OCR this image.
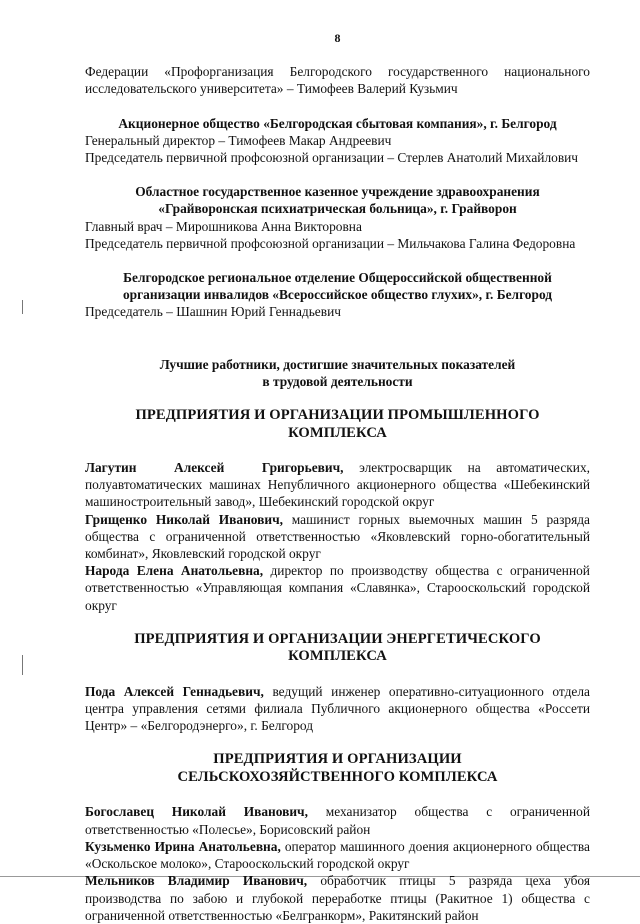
8

Федерации «Профорганизация Белгородского государственного национального

исследовательского университета» – Тимофеев Валерий Кузьмич

Акционерное общество «Белгородская сбытовая компания», г. Белгород

Генеральный директор – Тимофеев Макар Андреевич

Председатель первичной профсоюзной организации – Стерлев Анатолий Михайлович

Областное государственное казенное учреждение здравоохранения

«Грайворонская психиатрическая больница», г. Грайворон

Главный врач – Мирошникова Анна Викторовна

Председатель первичной профсоюзной организации – Мильчакова Галина Федоровна

Белгородское региональное отделение Общероссийской общественной

организации инвалидов «Всероссийское общество глухих», г. Белгород

Председатель – Шашнин Юрий Геннадьевич

Лучшие работники, достигшие значительных показателей

в трудовой деятельности

ПРЕДПРИЯТИЯ И ОРГАНИЗАЦИИ ПРОМЫШЛЕННОГО КОМПЛЕКСА

Лагутин Алексей Григорьевич, электросварщик на автоматических, полуавтоматических машинах Непубличного акционерного общества «Шебекинский машиностроительный завод», Шебекинский городской округ

Грищенко Николай Иванович, машинист горных выемочных машин 5 разряда общества с ограниченной ответственностью «Яковлевский горно-обогатительный комбинат», Яковлевский городской округ

Народа Елена Анатольевна, директор по производству общества с ограниченной ответственностью «Управляющая компания «Славянка», Старооскольский городской округ

ПРЕДПРИЯТИЯ И ОРГАНИЗАЦИИ ЭНЕРГЕТИЧЕСКОГО КОМПЛЕКСА

Пода Алексей Геннадьевич, ведущий инженер оперативно-ситуационного отдела центра управления сетями филиала Публичного акционерного общества «Россети Центр» – «Белгородэнерго», г. Белгород

ПРЕДПРИЯТИЯ И ОРГАНИЗАЦИИ

СЕЛЬСКОХОЗЯЙСТВЕННОГО КОМПЛЕКСА

Богославец Николай Иванович, механизатор общества с ограниченной ответственностью «Полесье», Борисовский район

Кузьменко Ирина Анатольевна, оператор машинного доения акционерного общества «Оскольское молоко», Старооскольский городской округ

Мельников Владимир Иванович, обработчик птицы 5 разряда цеха убоя производства по забою и глубокой переработке птицы (Ракитное 1) общества с ограниченной ответственностью «Белгранкорм», Ракитянский район
